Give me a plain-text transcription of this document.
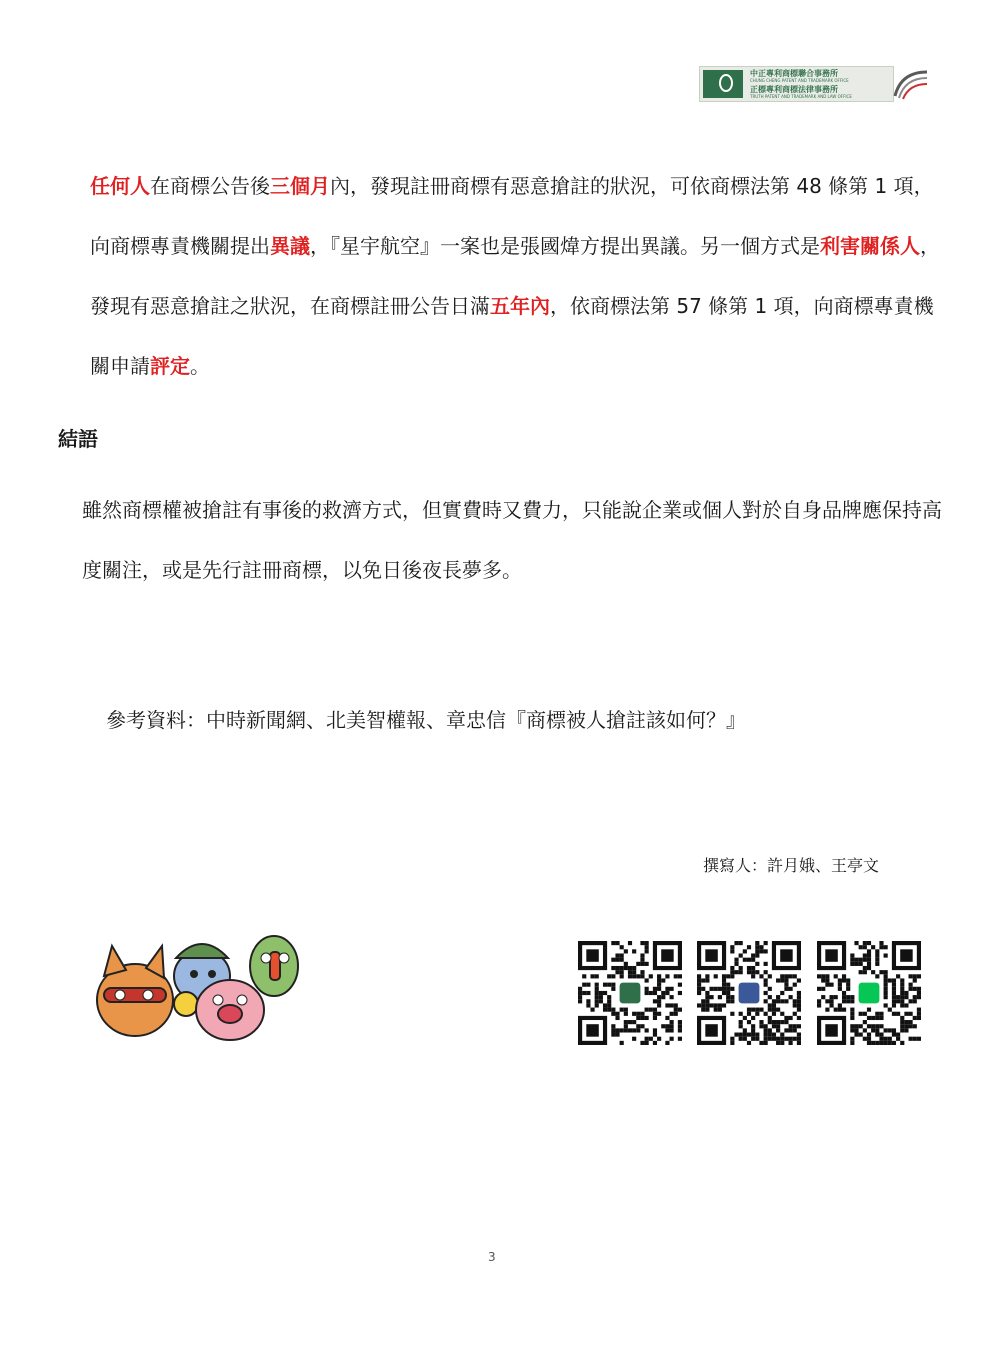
中正專利商標聯合事務所
CHUNG CHENG PATENT AND TRADEMARK OFFICE
正標專利商標法律事務所
TRUTH PATENT AND TRADEMARK AND LAW OFFICE
任何人在商標公告後三個月內，發現註冊商標有惡意搶註的狀況，可依商標法第 48 條第 1 項，向商標專責機關提出異議，『星宇航空』一案也是張國煒方提出異議。另一個方式是利害關係人，發現有惡意搶註之狀況，在商標註冊公告日滿五年內，依商標法第 57 條第 1 項，向商標專責機關申請評定。
結語
雖然商標權被搶註有事後的救濟方式，但實費時又費力，只能說企業或個人對於自身品牌應保持高度關注，或是先行註冊商標，以免日後夜長夢多。
參考資料：中時新聞網、北美智權報、章忠信『商標被人搶註該如何？』
撰寫人：許月娥、王亭文
3
